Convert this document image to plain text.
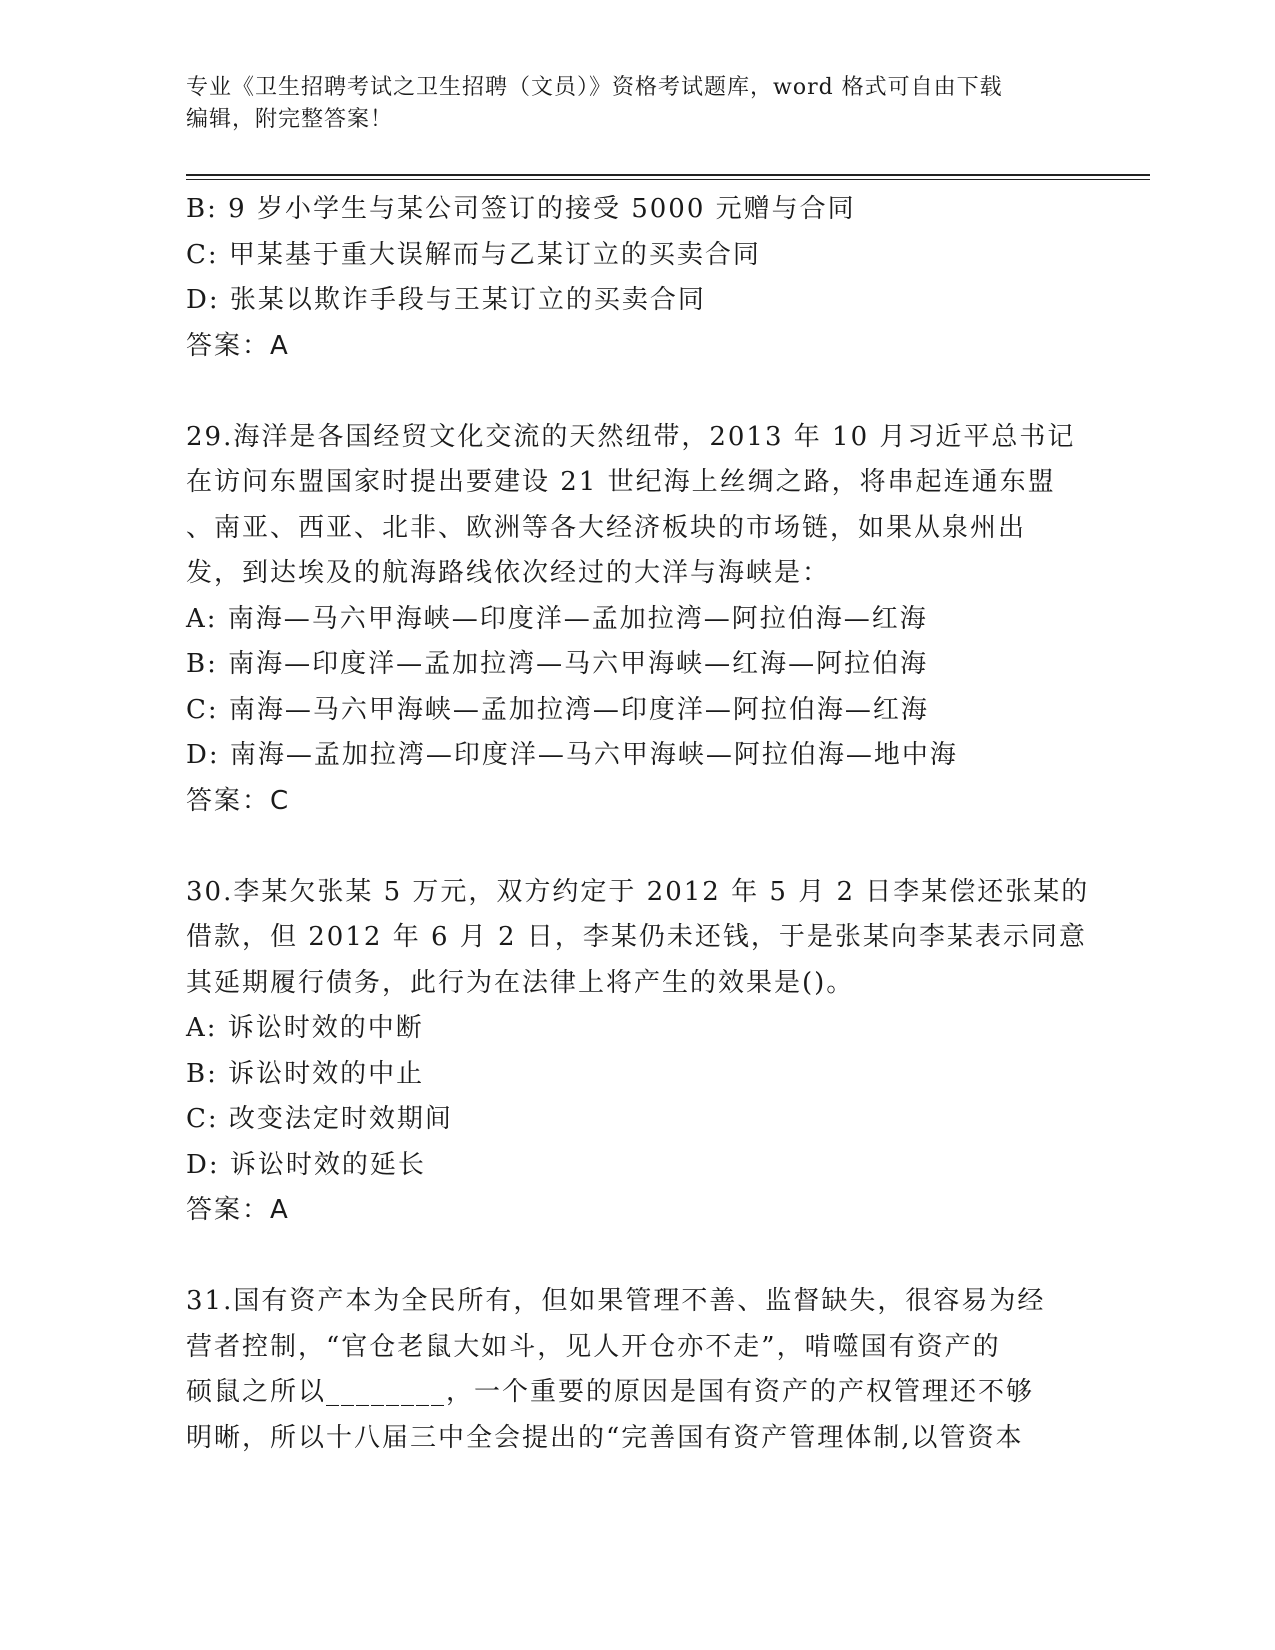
专业《卫生招聘考试之卫生招聘（文员）》资格考试题库，word 格式可自由下载
编辑，附完整答案！
B: 9 岁小学生与某公司签订的接受 5000 元赠与合同
C: 甲某基于重大误解而与乙某订立的买卖合同
D: 张某以欺诈手段与王某订立的买卖合同
答案：A
29.海洋是各国经贸文化交流的天然纽带，2013 年 10 月习近平总书记
在访问东盟国家时提出要建设 21 世纪海上丝绸之路，将串起连通东盟
、南亚、西亚、北非、欧洲等各大经济板块的市场链，如果从泉州出
发，到达埃及的航海路线依次经过的大洋与海峡是：
A: 南海—马六甲海峡—印度洋—孟加拉湾—阿拉伯海—红海
B: 南海—印度洋—孟加拉湾—马六甲海峡—红海—阿拉伯海
C: 南海—马六甲海峡—孟加拉湾—印度洋—阿拉伯海—红海
D: 南海—孟加拉湾—印度洋—马六甲海峡—阿拉伯海—地中海
答案：C
30.李某欠张某 5 万元，双方约定于 2012 年 5 月 2 日李某偿还张某的
借款，但 2012 年 6 月 2 日，李某仍未还钱，于是张某向李某表示同意
其延期履行债务，此行为在法律上将产生的效果是()。
A: 诉讼时效的中断
B: 诉讼时效的中止
C: 改变法定时效期间
D: 诉讼时效的延长
答案：A
31.国有资产本为全民所有，但如果管理不善、监督缺失，很容易为经
营者控制，“官仓老鼠大如斗，见人开仓亦不走”，啃噬国有资产的
硕鼠之所以________，一个重要的原因是国有资产的产权管理还不够
明晰，所以十八届三中全会提出的“完善国有资产管理体制,以管资本
